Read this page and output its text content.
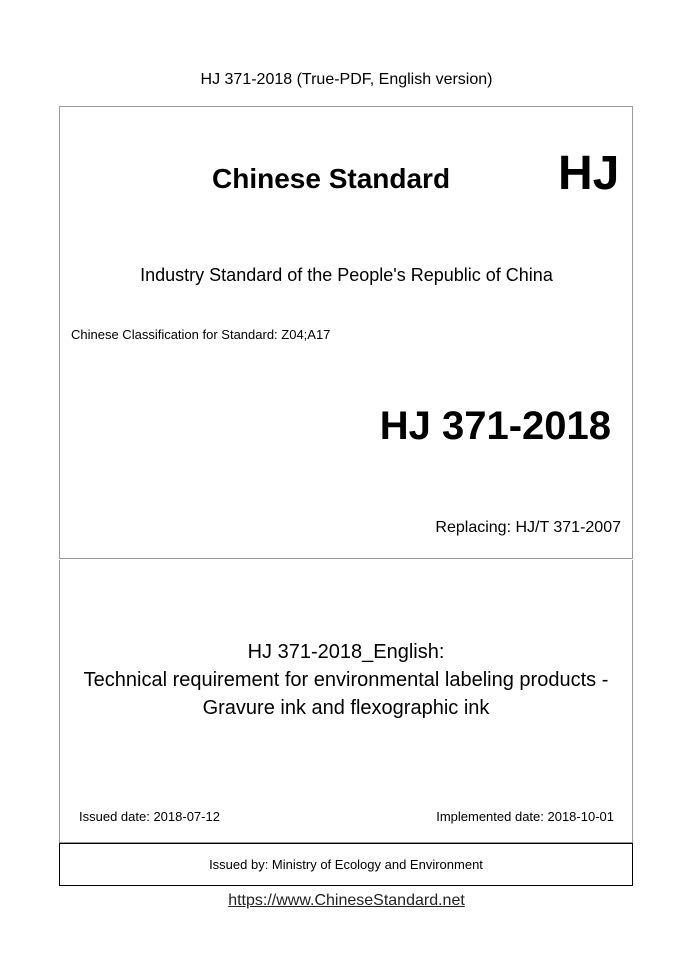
HJ 371-2018 (True-PDF, English version)
Chinese Standard HJ
Industry Standard of the People's Republic of China
Chinese Classification for Standard: Z04;A17
HJ 371-2018
Replacing: HJ/T 371-2007
HJ 371-2018_English:
Technical requirement for environmental labeling products -
Gravure ink and flexographic ink
Issued date: 2018-07-12	Implemented date: 2018-10-01
Issued by: Ministry of Ecology and Environment
https://www.ChineseStandard.net
